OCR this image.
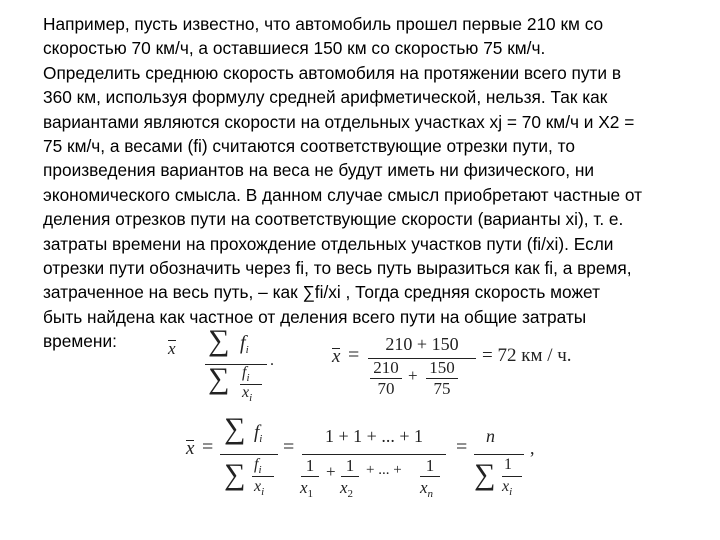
Например, пусть известно, что автомобиль прошел первые 210 км со
скоростью 70 км/ч, а оставшиеся 150 км со скоростью 75 км/ч.
Определить среднюю скорость автомобиля на протяжении всего пути в
360 км, используя формулу средней арифметической, нельзя. Так как
вариантами являются скорости на отдельных участках xj = 70 км/ч и X2 =
75 км/ч, а весами (fi) считаются соответствующие отрезки пути, то
произведения вариантов на веса не будут иметь ни физического, ни
экономического смысла. В данном случае смысл приобретают частные от
деления отрезков пути на соответствующие скорости (варианты xi), т. е.
затраты времени на прохождение отдельных участков пути (fi/xi). Если
отрезки пути обозначить через fi, то весь путь выразиться как fi, а время,
затраченное на весь путь, – как ∑fi/xi , Тогда средняя скорость может
быть найдена как частное от деления всего пути на общие затраты
времени:	x ∑ $f_i$
∑ $f_i$
$x_i$
.	x =	210 + 150
210
70
+ 150
75
= 72 км / ч.
x =
∑ $f_i$
∑ $f_i$
$x_i$
=	1 + 1 + ... + 1
1
$x_1$
+ 1
$x_2$
+ ... + 1
$x_n$
= n
∑ 1
$x_i$
,
